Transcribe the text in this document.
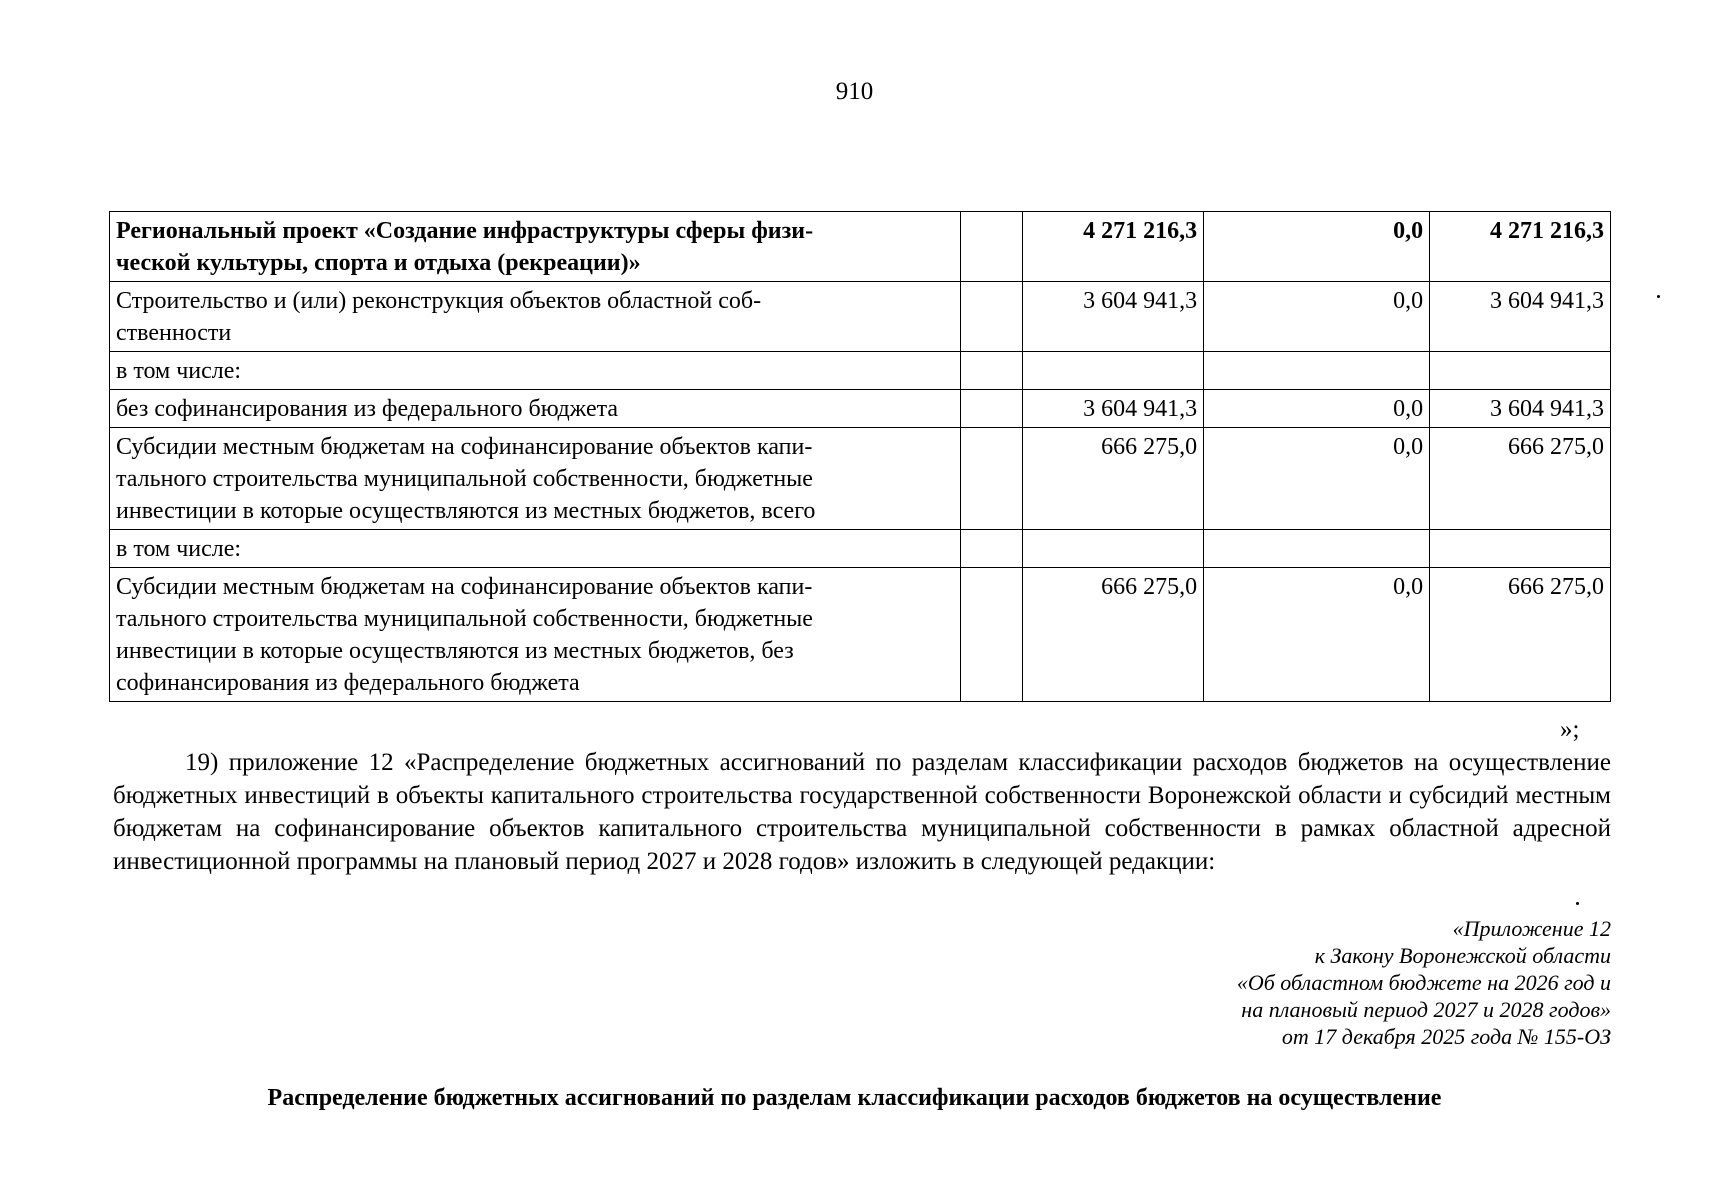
910
Региональный проект «Создание инфраструктуры сферы физи-
ческой культуры, спорта и отдыха (рекреации)»		4 271 216,3	0,0	4 271 216,3
Строительство и (или) реконструкция объектов областной соб-
ственности		3 604 941,3	0,0	3 604 941,3
в том числе:				
без софинансирования из федерального бюджета		3 604 941,3	0,0	3 604 941,3
Субсидии местным бюджетам на софинансирование объектов капи-
тального строительства муниципальной собственности, бюджетные
инвестиции в которые осуществляются из местных бюджетов, всего		666 275,0	0,0	666 275,0
в том числе:				
Субсидии местным бюджетам на софинансирование объектов капи-
тального строительства муниципальной собственности, бюджетные
инвестиции в которые осуществляются из местных бюджетов, без
софинансирования из федерального бюджета		666 275,0	0,0	666 275,0
»;

19) приложение 12 «Распределение бюджетных ассигнований по разделам классификации расходов бюджетов на осуществление бюджетных инвестиций в объекты капитального строительства государственной собственности Воронежской области и субсидий местным бюджетам на софинансирование объектов капитального строительства муниципальной собственности в рамках областной адресной инвестиционной программы на плановый период 2027 и 2028 годов» изложить в следующей редакции:

«Приложение 12
к Закону Воронежской области
«Об областном бюджете на 2026 год и
на плановый период 2027 и 2028 годов»
от 17 декабря 2025 года № 155-ОЗ
Распределение бюджетных ассигнований по разделам классификации расходов бюджетов на осуществление
